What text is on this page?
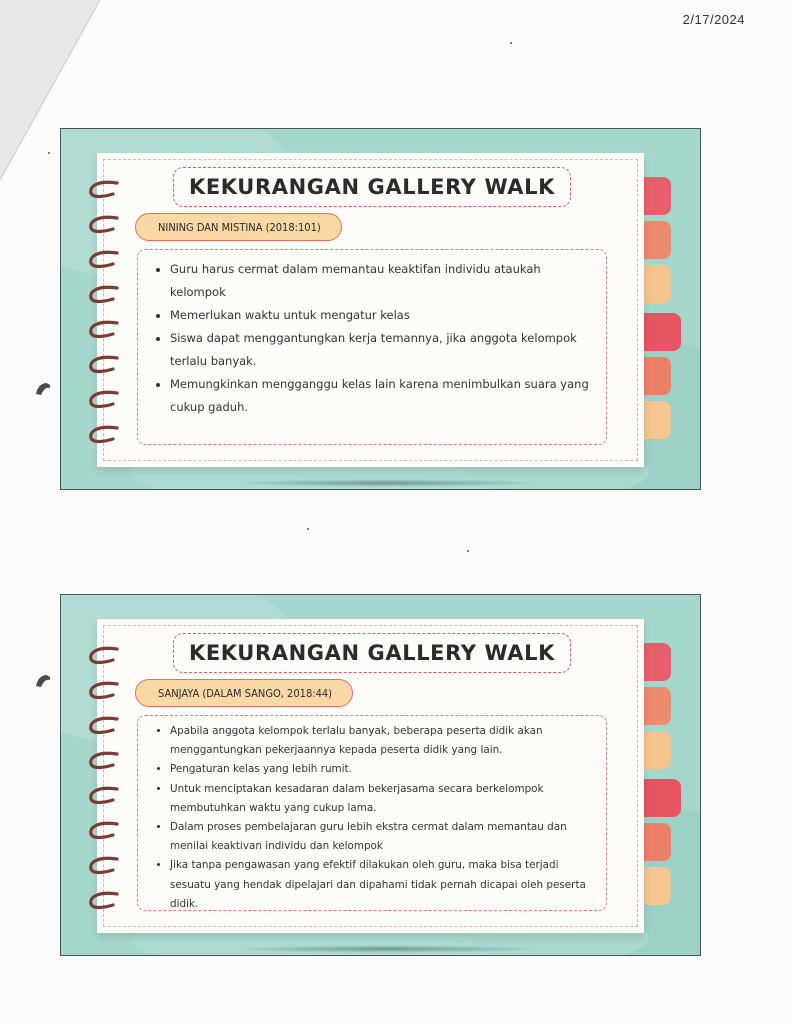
2/17/2024
KEKURANGAN GALLERY WALK
NINING DAN MISTINA (2018:101)
• Guru harus cermat dalam memantau keaktifan individu ataukah kelompok
• Memerlukan waktu untuk mengatur kelas
• Siswa dapat menggantungkan kerja temannya, jika anggota kelompok terlalu banyak.
• Memungkinkan mengganggu kelas lain karena menimbulkan suara yang cukup gaduh.
KEKURANGAN GALLERY WALK
SANJAYA (DALAM SANGO, 2018:44)
• Apabila anggota kelompok terlalu banyak, beberapa peserta didik akan menggantungkan pekerjaannya kepada peserta didik yang lain.
• Pengaturan kelas yang lebih rumit.
• Untuk menciptakan kesadaran dalam bekerjasama secara berkelompok membutuhkan waktu yang cukup lama.
• Dalam proses pembelajaran guru lebih ekstra cermat dalam memantau dan menilai keaktivan individu dan kelompok
• Jika tanpa pengawasan yang efektif dilakukan oleh guru, maka bisa terjadi sesuatu yang hendak dipelajari dan dipahami tidak pernah dicapai oleh peserta didik.
